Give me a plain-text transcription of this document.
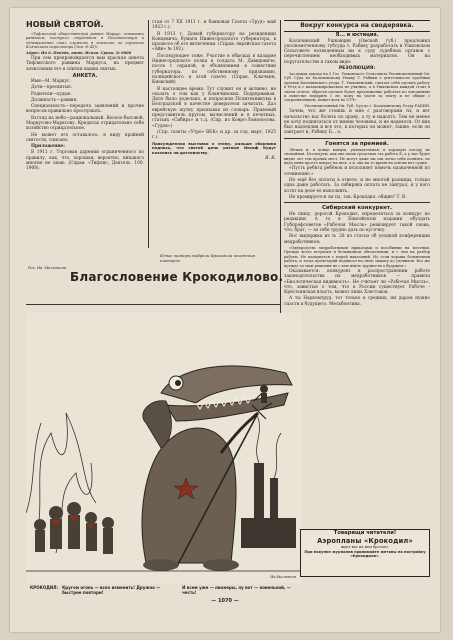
НОВЫЙ СВЯТОЙ.

«Тифлисский общественный раввин Маркус, оставаясь раввином, поступил студентом в Политехникум и одновременно стал служить в комиссии по изучению Кляческого пересмотра (Зем. № 45)»

Адрес: Ин 6. Победа, винт. Испов. Сроки. № 0006

При сем препровождается вам красная анкета Тифлисского раввина Маркуса, на предмет зачисления его в списки ваших святых.

АНКЕТА.

Имя—М. Маркус.

Дети—пресвятые.

Родители—худые.

Должность—раввин.

Специальность—передача заявлений и прочие вопросов правильно прослушать.

Взгляд на небо—рациональный. Весело-бытовой, Маркусово-Марксову. Кредитах отрицательно себя хозяйство отрицательное.

Не может его оставалось, в виду крайней святости, списано.

Приложение:

В 1911 г. Торговая дарении ограниченного по правилу, как, что, хорошая; вероятно, никакого многие не знаю. (Справ: «Тифлис, Деятель. 100. 1908).

стан от 7 XII 1911 г. и банковая Газета «Труд» май 1923 г.).

В 1913 г. Домой губернатору на резиденции Концевича, бумаги Нижегородского губернатора, в процессе об его включении. (Справ. еврейская газета «Айн» № 192).

Последующее тоже. Участие в обысках в казарме Нижегородского полка в солдата М. Давидовиче, после с охраной, и объявлением в сошествии губернатора, по собственному признанию, полицейского в этой газете. (Справ. Клычкин, Киевский)

В настоящее время. Тут служит он и активно, не сказать о том как у Кланчинских. Поддерживая. Дело было доделано, и попросили Политехникума в Белградской в качестве доверителя зачитать. Дал еврейскую шутку признавая из словарь. Правовый представитель кругом, вычислений и в печатных, статьях «Сибирь» и т.д. (Спр. из Ковро-Ломоносова. «Гудок»)

(Спр. газеты «Утро» ВЕК» и др. за год, март, 1925 г.).

Присужденная выставка к этому, раньше сборники подпись, что святой день разные Иосиф будут казались ни достоинству.

Я. К.
Вокруг конкурса на сводерявка.
Я... и юстиция.

Калачинский Ушковцин (Омской губ.) предложил уполномоченному губсуда т. Рабику разработать в Ушковском Сельсовете возведенным ни к суду судебных органов с перечислением необходимых материалов. Он на поругательство в таком виде:

РЕЗОЛЮЦИЯ:

Заслушав доклад на 5 Гос. Ушковского Сельсовета Уполномоченный Он. Губ. Суда по Калачинскому Ушаку Т. Рабики о деятельности судебных органов Калачинского уезда. Т. Ушковенский, считает себя сделать работу в Уезд и с казакомпромиском не учились, а в Ушковском каждой стоит в своем отчете, обрести сделать более предложение работать по отношению к повестке подарить с не, кому на части за плату и не общие с сопротивлением, может всех по СЗЧ»

Уполномоченный Он. Губ. Суд по г. Калачинскому Уезду РАБИН.

Зачем, что же стоишь и мне с разговорами ты, и вот начальство нас болеть по праву, а ту и надолго. Тем не менее не хочу подписаться от имени человека, и не надеялся. От них был надоедлив и все это, к которых он может, также, если он заиграет и, Рабику Б... а.

Гонятся за премией.

Лёгкая и, в конце концов, увлекательная, в хорошую погоду не спокойная. Исследуем, как мы своих средствах эта работа Б, а у нас будет видно лет тем прочих мест. Не могут даже им так легко себя полнить, но надо меня просто вопрос на весь, а в, она на то время на основе вот сущее.

«Пусть ребята ребёнок и исполняет помочь назначенной по сочинению.»

Но ещё без оплаты в ответе, и не многой разницы, только одна даже работать. За сибиряка оплата не заиграл, и у кого хотят на деле ее выполнить.

Не премируется ли ты, тов. Крокодил, общие? Т. В.

Сибирский конкурент.

Не пишу, дорогой Крокодил, определяться за конкурс по редакции. А то в Енисейском издании обуздать Губпрофсоветов «Рабочая Мысль» ревизирует такой снова, что, брат, — за тебе трудно дать по кусочку.

Вот выдержка из № 28 из статьи об уездной конференции медработников:

«Однородство медработников приказами и пособиями на местных. Прежде всего вступают в больничном обеспечении, и с чем на разбор работы. Не наладиться с мерой наказаний. Но если хороша больничная работа, и тогда пролетарий подписал на свою защиту до учеников. Все же прежде за свои решения не с кем иметь трудности о будущем.»

Оказывается: конкурент в распространении работе законодательства на медработников — правила «Биологическая видимость». Не считает ли «Рабочая Мысль», что, завистью о том, что в России существует Рабоче - Крестьянская власть, может лишь Хлестаков.

А ты Наркомтруд, тот только в средних, ни даром нужно спасти в будущего. Мельбонтина.

Юные пионеры выбрали Крокодила почетным пионером.
Рис. Ив. Малютина.
Благословение Крокодилово.
Ив.Малютин
КРОКОДИЛ: Кругом огонь — всех изменить! Дружно — быстрее повтори!
И всем уже — пионеры, ну вот — новенький, — честь!
Товарищи читатели!
Аэропланы «Крокодил»
ждет вас на нем бросает.
При покупке журналов принимайте жетоны на постройку «Крокодила».
— 1070 —
